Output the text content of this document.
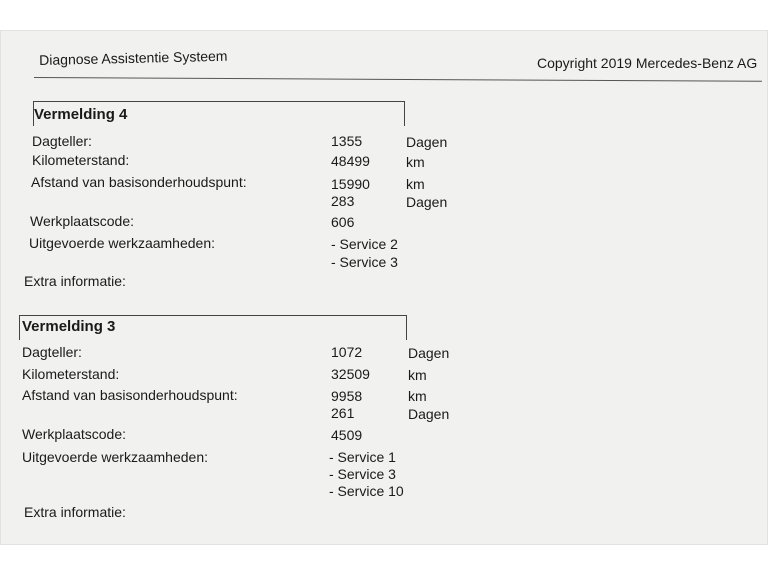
Diagnose Assistentie Systeem	Copyright 2019 Mercedes-Benz AG
Vermelding 4
Dagteller:	1355	Dagen
Kilometerstand:	48499	km
Afstand van basisonderhoudspunt:	15990	km
283	Dagen
Werkplaatscode:	606
Uitgevoerde werkzaamheden:	- Service 2
- Service 3
Extra informatie:
Vermelding 3
Dagteller:	1072	Dagen
Kilometerstand:	32509	km
Afstand van basisonderhoudspunt:	9958	km
261	Dagen
Werkplaatscode:	4509
Uitgevoerde werkzaamheden:	- Service 1
- Service 3
- Service 10
Extra informatie:
